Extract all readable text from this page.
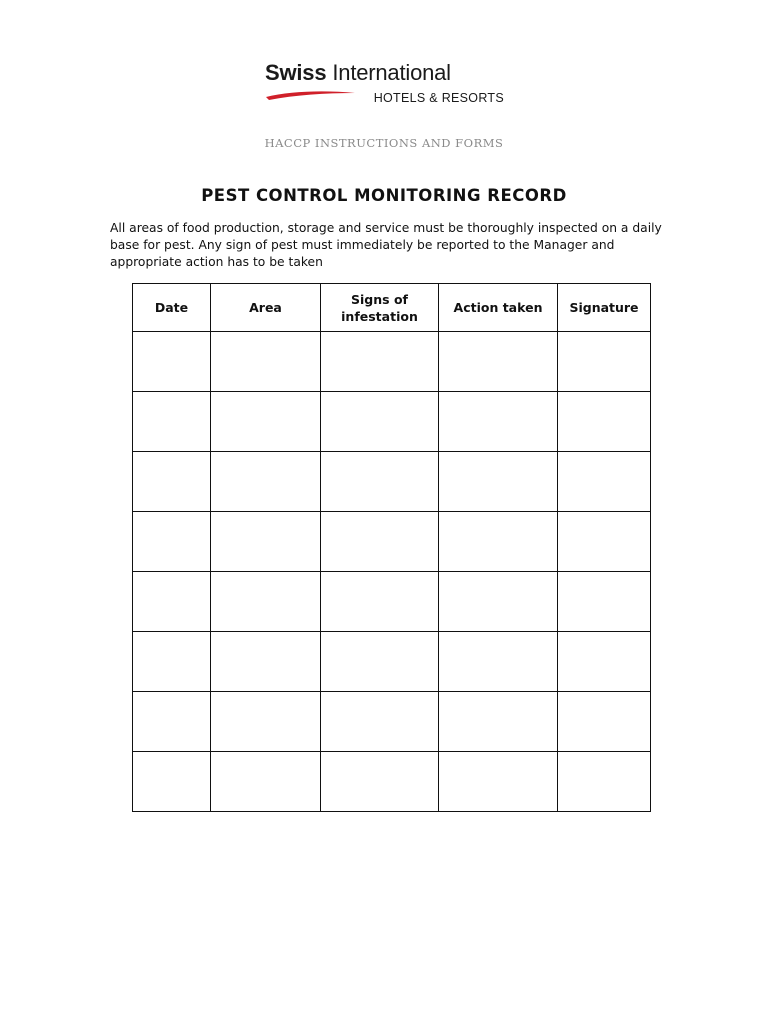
Swiss International
HOTELS & RESORTS
HACCP INSTRUCTIONS AND FORMS
PEST CONTROL MONITORING RECORD
All areas of food production, storage and service must be thoroughly inspected on a daily base for pest. Any sign of pest must immediately be reported to the Manager and appropriate action has to be taken
Date	Area	Signs of infestation	Action taken	Signature
